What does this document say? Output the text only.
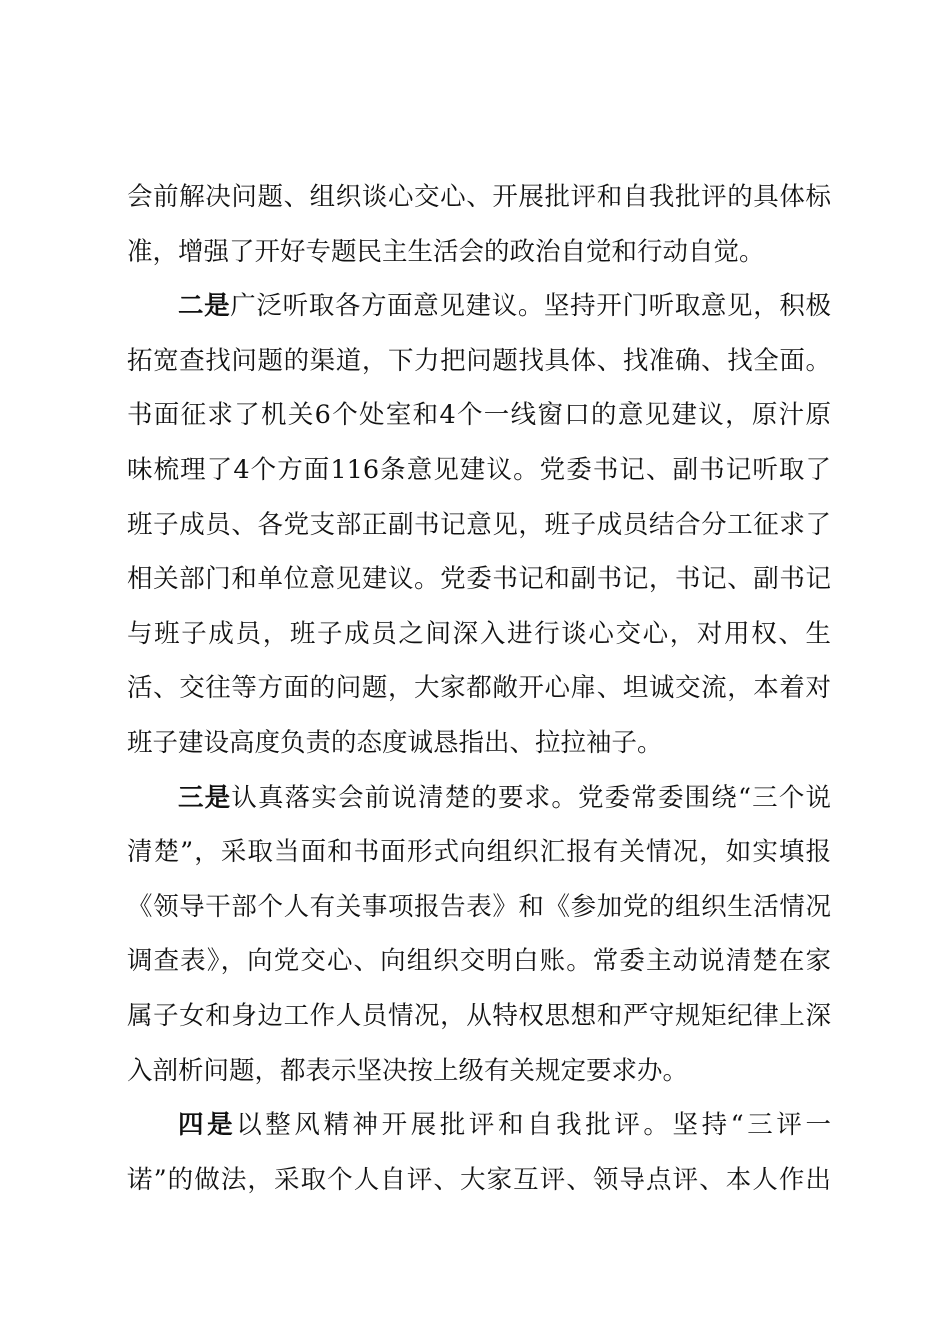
会前解决问题、组织谈心交心、开展批评和自我批评的具体标
准，增强了开好专题民主生活会的政治自觉和行动自觉。
二是广泛听取各方面意见建议。坚持开门听取意见，积极
拓宽查找问题的渠道，下力把问题找具体、找准确、找全面。
书面征求了机关6个处室和4个一线窗口的意见建议，原汁原
味梳理了4个方面116条意见建议。党委书记、副书记听取了
班子成员、各党支部正副书记意见，班子成员结合分工征求了
相关部门和单位意见建议。党委书记和副书记，书记、副书记
与班子成员，班子成员之间深入进行谈心交心，对用权、生
活、交往等方面的问题，大家都敞开心扉、坦诚交流，本着对
班子建设高度负责的态度诚恳指出、拉拉袖子。
三是认真落实会前说清楚的要求。党委常委围绕“三个说
清楚”，采取当面和书面形式向组织汇报有关情况，如实填报
《领导干部个人有关事项报告表》和《参加党的组织生活情况
调查表》，向党交心、向组织交明白账。常委主动说清楚在家
属子女和身边工作人员情况，从特权思想和严守规矩纪律上深
入剖析问题，都表示坚决按上级有关规定要求办。
四是以整风精神开展批评和自我批评。坚持“三评一
诺”的做法，采取个人自评、大家互评、领导点评、本人作出
